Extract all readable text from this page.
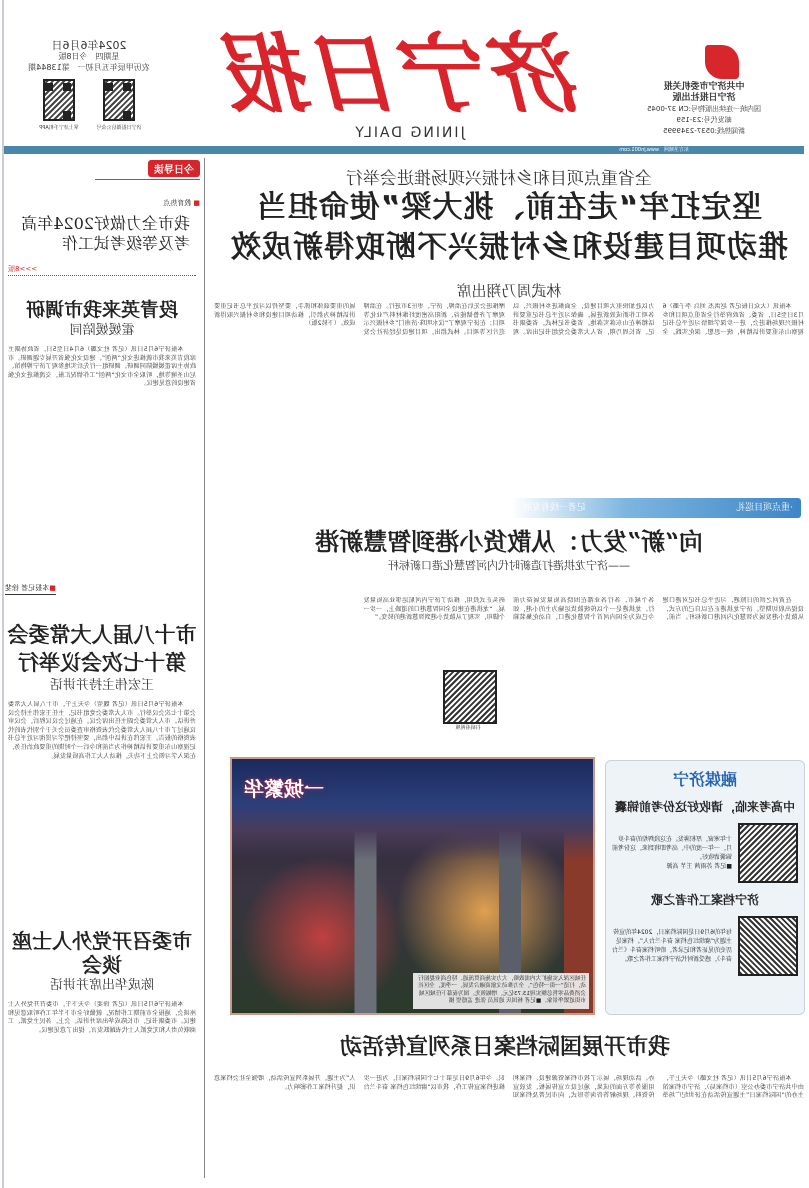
中共济宁市委机关报
济宁日报社出版
国内统一连续出版物号:CN 37-0045
邮发代号:23-159
新闻热线:0537-2349995
济宁日报
JINING DAILY
2024年6月6日
星期四　今日8版
农历甲辰年五月初一　第13844期
济宁日报微信公众号
掌上济宁手机APP
东方圣城网　www.jn001.com
今日导读
■ 教育热点
我市全力做好2024年高考及等级考试工作
>>>8版
段青英来我市调研
霍媛媛陪同
本报济宁6月5日讯（记者 杜文璐）6月4日至5日，省政协副主席段青英来我市就推进文化“两创”、建设文化强省开展专题调研。市政协主席霍媛媛陪同调研。调研组一行先后实地参观了济宁博物馆、尼山圣境等地，听取全市文化“两创”工作情况汇报，交流推进文化强省建设的意见建议。
市十八届人大常委会第十七次会议举行
王宏伟主持并讲话
本报济宁6月5日讯（记者 魏莹）今天上午，市十八届人大常委会第十七次会议举行。市人大常委会党组书记、主任王宏伟主持会议并讲话。市人大常委会副主任出席会议。在通过会议议程后，会议审议通过了市十八届人大常委会代表资格审查委员会关于个别代表的代表资格的报告。王宏伟在讲话中指出，要坚持把学习贯彻习近平总书记视察山东重要讲话精神作为当前和今后一个时期的重要政治任务，在深入学习领会上下功夫，推动人大工作高质量发展。
市委召开党外人士座谈会
陈成华出席并讲话
本报济宁6月5日讯（记者 徐斐）今天下午，市委召开党外人士座谈会，通报全市前期工作情况，就做好全市下半年工作听取意见和建议。市委副书记、市长陈成华出席并讲话。会上，各民主党派、工商联负责人和无党派人士代表踊跃发言，提出了意见建议。
全省重点项目和乡村振兴现场推进会举行
坚定扛牢“走在前、挑大梁”使命担当
推动项目建设和乡村振兴不断取得新成效
林武周乃翔出席
本报讯（大众日报记者 赵洪杰 刘兵 李子璐）6月3日至5日，省委、省政府举行全省重点项目和乡村振兴现场推进会，进一步深学细悟习近平总书记视察山东重要讲话精神，统一思想、深化实践，全力以赴加快重大项目建设，全面推进乡村振兴，以各项工作新成效新进展，确保习近平总书记重要讲话精神在山东落实落地。省委书记林武，省委副书记、省长周乃翔，省人大常委会党组书记出席。观摩推进会先后在淄博、济宁、枣庄3市进行。在淄博观摩了齐鲁储能谷、新阳高密度纤维材料产业化等项目；在济宁观摩了“汶水明珠·济南门”乡村振兴示范片区等项目。林武指出，项目建设是经济社会发展的重要载体和抓手，要坚持以习近平总书记重要讲话精神为指引，推动项目建设和乡村振兴取得新成效。（下转2版）
·重点项目巡礼
记者一线看发展
向“新”发力：从散货小港到智慧新港
——济宁龙拱港打造新时代内河智慧化港口新标杆
■ 本报记者 徐斐
在黄河之滨的日照港，习近平总书记对港口建设提出殷切期望。济宁龙拱港正在以自己的方式，从散货小港发展为智慧化内河港口新标杆。当前，各个城市、各行各业都在围绕高质量发展奋力前行。龙拱港是一个以传统散货运输为主的小港，如今已成为全国内河首个智慧化港口，自动化集装箱码头正式投用，推动了济宁内河航运事业高质量发展。“龙拱港在建设全国智慧港口的道路上，一步一个脚印，实现了从散货小港到智慧新港的转变。”
扫码看视频
一城繁华
任城区深入实施扩大内需战略，大力实施商贸流通、特色商业提振行动，打造“一街一特色”，全力推动文旅商融合发展，一季度，全区社会消费品零售总额实现13.73亿元，增幅领先。图为夜幕下任城区城市街道繁华景象。■记者 杨国庆 通讯员 张进 孟德望 摄
融媒济宁
中高考来临，请收好这份考前锦囊

十年寒窗，厚积薄发。在这段辉煌的奋斗岁月，一年一度的中、高考即将到来，这份考前锦囊请收好。
■记者 苏雨茜 王芊 高源

济宁档案工作者之歌

每年的6月9日是国际档案日，2024年的宣传主题为“赓续红色档案 奋斗兰台人”。档案是历史的见证者和记录者，聆听档案奋斗《兰台奋斗》，感受新时代济宁档案工作者之歌。

我市开展国际档案日系列宣传活动
本报济宁6月5日讯（记者 杜文璐）今天上午，由中共济宁市委办公室（市档案局）、济宁市档案馆主办的“国际档案日”主题宣传活动在济世纪广场举办。活动现场，展示了我市档案资源建设、档案利用服务等方面的成果，通过设立宣传展板、发放宣传资料、现场解答咨询等形式，向市民普及档案知识。今年6月9日是第十七个国际档案日，为进一步推进档案宣传工作，我市以“赓续红色档案 奋斗兰台人”为主题，开展系列宣传活动，增强全社会档案意识，提升档案工作影响力。
